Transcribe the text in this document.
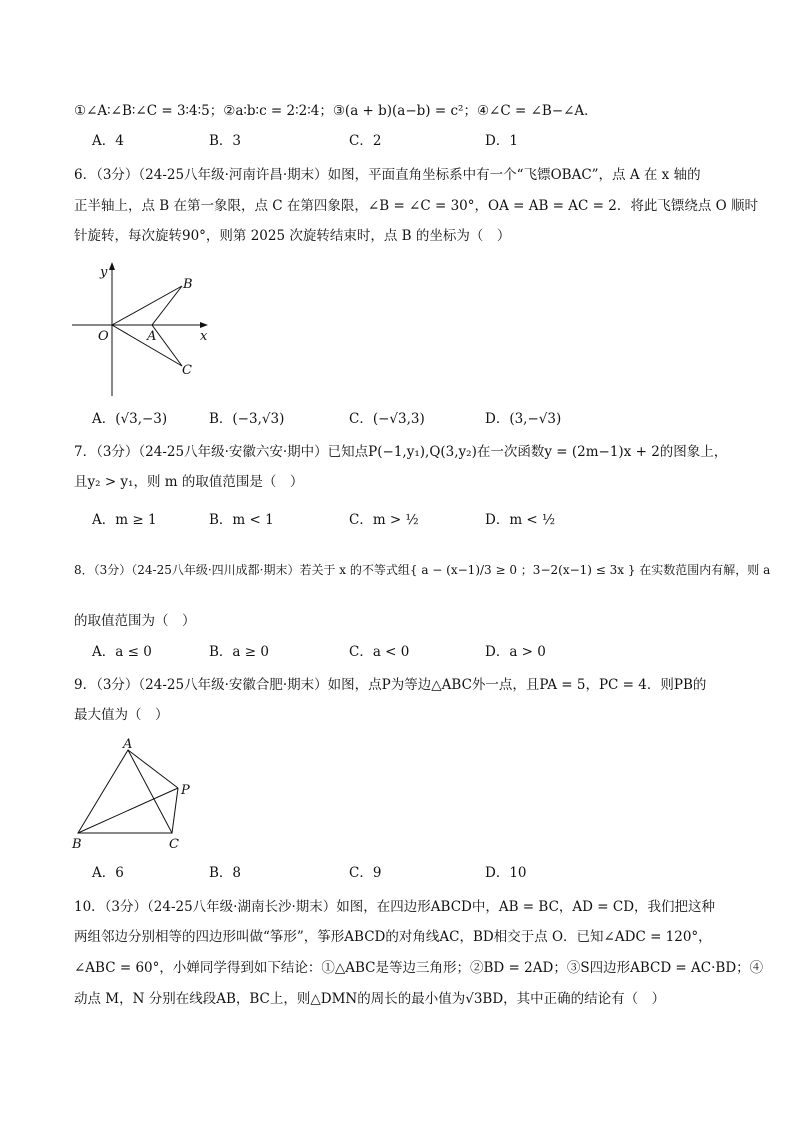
①∠A∶∠B∶∠C = 3∶4∶5；②a∶b∶c = 2∶2∶4；③(a + b)(a−b) = c²；④∠C = ∠B−∠A．
A．4	B．3	C．2	D．1
6．（3分）（24-25八年级·河南许昌·期末）如图，平面直角坐标系中有一个“飞镖OBAC”，点 A 在 x 轴的
正半轴上，点 B 在第一象限，点 C 在第四象限，∠B = ∠C = 30°，OA = AB = AC = 2．将此飞镖绕点 O 顺时
针旋转，每次旋转90°，则第 2025 次旋转结束时，点 B 的坐标为（　）
y
x
O	A
B
C
A．(√3,−3)	B．(−3,√3)	C．(−√3,3)	D．(3,−√3)
7．（3分）（24-25八年级·安徽六安·期中）已知点P(−1,y₁),Q(3,y₂)在一次函数y = (2m−1)x + 2的图象上，
且y₂ > y₁，则 m 的取值范围是（　）
A．m ≥ 1	B．m < 1	C．m > ½	D．m < ½
8．（3分）（24-25八年级·四川成都·期末）若关于 x 的不等式组{ a − (x−1)/3 ≥ 0 ；3−2(x−1) ≤ 3x } 在实数范围内有解，则 a
的取值范围为（　）
A．a ≤ 0	B．a ≥ 0	C．a < 0	D．a > 0
9．（3分）（24-25八年级·安徽合肥·期末）如图，点P为等边△ABC外一点，且PA = 5，PC = 4．则PB的
最大值为（　）
A
B	C
P
A．6	B．8	C．9	D．10
10．（3分）（24-25八年级·湖南长沙·期末）如图，在四边形ABCD中，AB = BC，AD = CD，我们把这种
两组邻边分别相等的四边形叫做“筝形”，筝形ABCD的对角线AC，BD相交于点 O．已知∠ADC = 120°，
∠ABC = 60°，小婵同学得到如下结论：①△ABC是等边三角形；②BD = 2AD；③S四边形ABCD = AC·BD；④
动点 M，N 分别在线段AB，BC上，则△DMN的周长的最小值为√3BD，其中正确的结论有（　）
